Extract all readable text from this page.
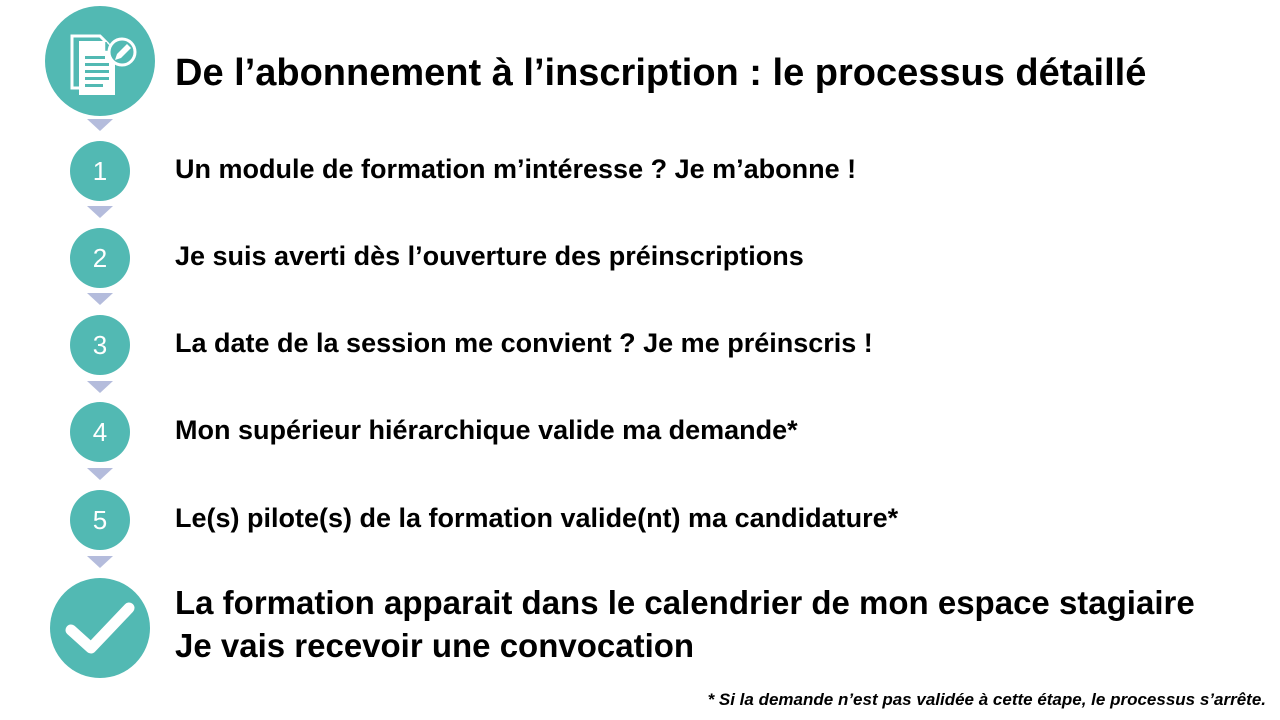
De l’abonnement à l’inscription : le processus détaillé
1	Un module de formation m’intéresse ? Je m’abonne !
2	Je suis averti dès l’ouverture des préinscriptions
3	La date de la session me convient ? Je me préinscris !
4	Mon supérieur hiérarchique valide ma demande*
5	Le(s) pilote(s) de la formation valide(nt) ma candidature*
La formation apparait dans le calendrier de mon espace stagiaire
Je vais recevoir une convocation
* Si la demande n’est pas validée à cette étape, le processus s’arrête.
